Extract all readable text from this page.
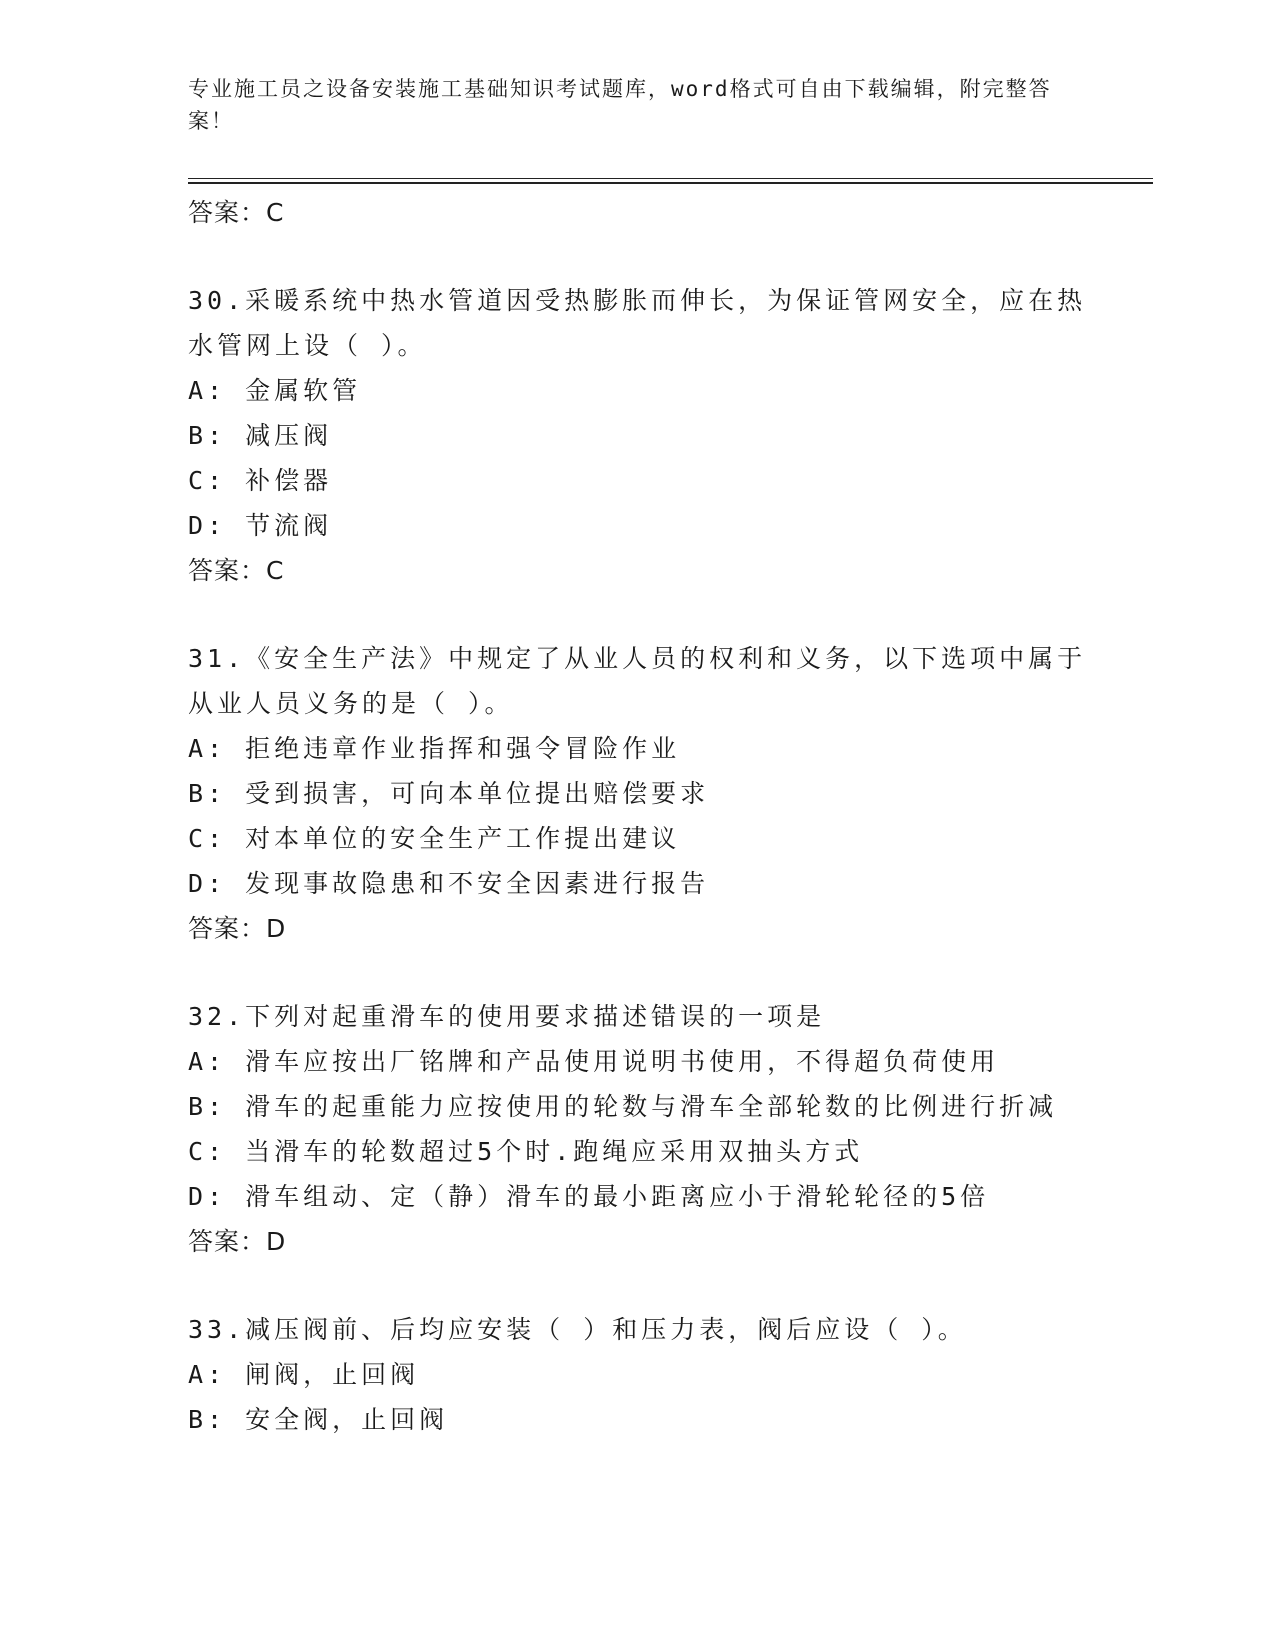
专业施工员之设备安装施工基础知识考试题库，word格式可自由下载编辑，附完整答案！
答案：C
30.采暖系统中热水管道因受热膨胀而伸长，为保证管网安全，应在热水管网上设（ ）。
A: 金属软管
B: 减压阀
C: 补偿器
D: 节流阀
答案：C
31.《安全生产法》中规定了从业人员的权利和义务，以下选项中属于从业人员义务的是（ ）。
A: 拒绝违章作业指挥和强令冒险作业
B: 受到损害，可向本单位提出赔偿要求
C: 对本单位的安全生产工作提出建议
D: 发现事故隐患和不安全因素进行报告
答案：D
32.下列对起重滑车的使用要求描述错误的一项是
A: 滑车应按出厂铭牌和产品使用说明书使用，不得超负荷使用
B: 滑车的起重能力应按使用的轮数与滑车全部轮数的比例进行折减
C: 当滑车的轮数超过5个时.跑绳应采用双抽头方式
D: 滑车组动、定（静）滑车的最小距离应小于滑轮轮径的5倍
答案：D
33.减压阀前、后均应安装（ ）和压力表，阀后应设（ ）。
A: 闸阀，止回阀
B: 安全阀，止回阀
